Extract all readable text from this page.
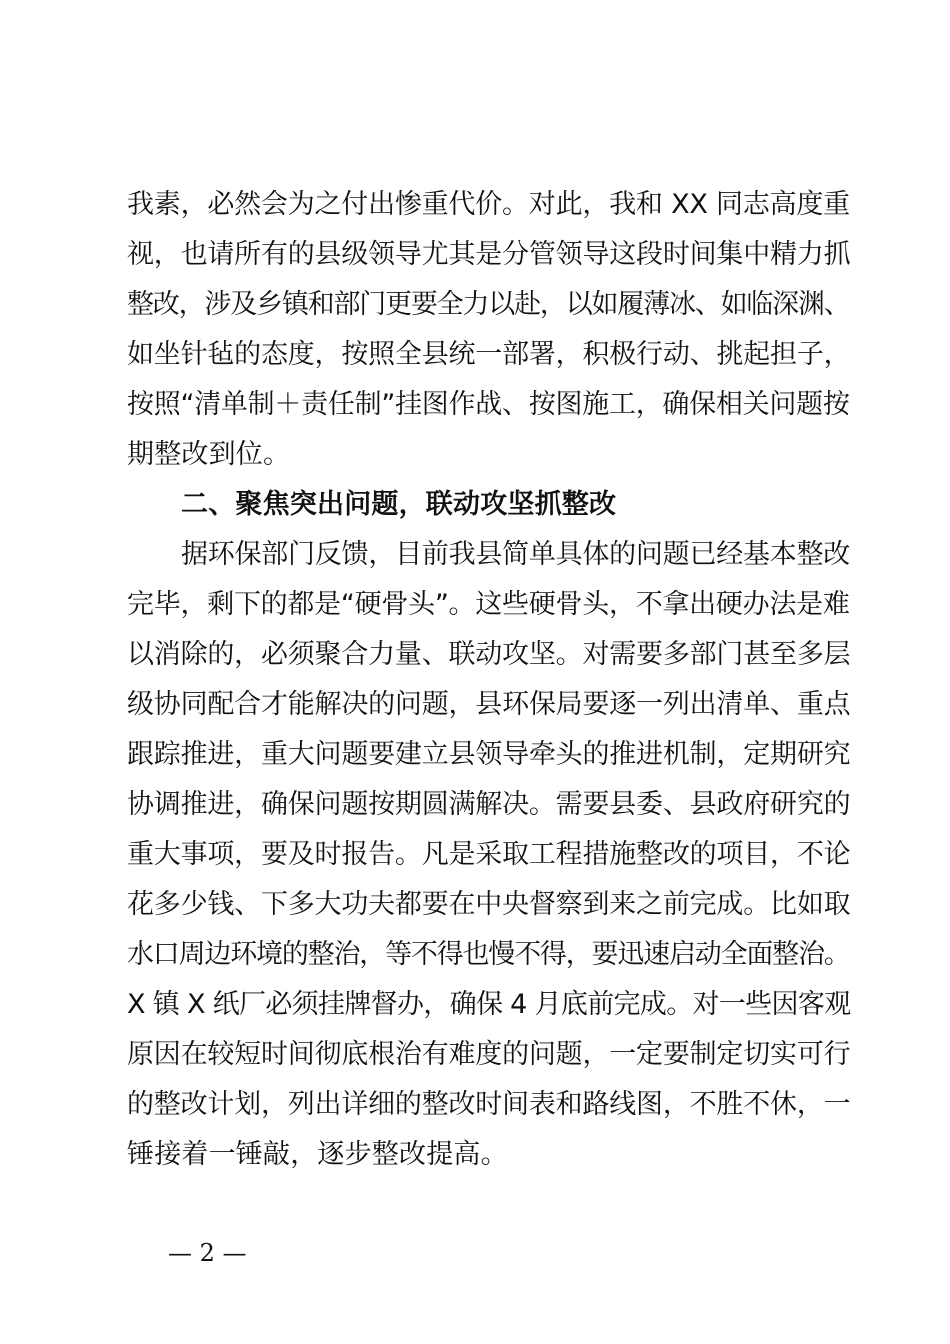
我素，必然会为之付出惨重代价。对此，我和 XX 同志高度重
视，也请所有的县级领导尤其是分管领导这段时间集中精力抓
整改，涉及乡镇和部门更要全力以赴，以如履薄冰、如临深渊、
如坐针毡的态度，按照全县统一部署，积极行动、挑起担子，
按照“清单制＋责任制”挂图作战、按图施工，确保相关问题按
期整改到位。
二、聚焦突出问题，联动攻坚抓整改
据环保部门反馈，目前我县简单具体的问题已经基本整改
完毕，剩下的都是“硬骨头”。这些硬骨头，不拿出硬办法是难
以消除的，必须聚合力量、联动攻坚。对需要多部门甚至多层
级协同配合才能解决的问题，县环保局要逐一列出清单、重点
跟踪推进，重大问题要建立县领导牵头的推进机制，定期研究
协调推进，确保问题按期圆满解决。需要县委、县政府研究的
重大事项，要及时报告。凡是采取工程措施整改的项目，不论
花多少钱、下多大功夫都要在中央督察到来之前完成。比如取
水口周边环境的整治，等不得也慢不得，要迅速启动全面整治。
X 镇 X 纸厂必须挂牌督办，确保 4 月底前完成。对一些因客观
原因在较短时间彻底根治有难度的问题，一定要制定切实可行
的整改计划，列出详细的整改时间表和路线图，不胜不休，一
锤接着一锤敲，逐步整改提高。
— 2 —
